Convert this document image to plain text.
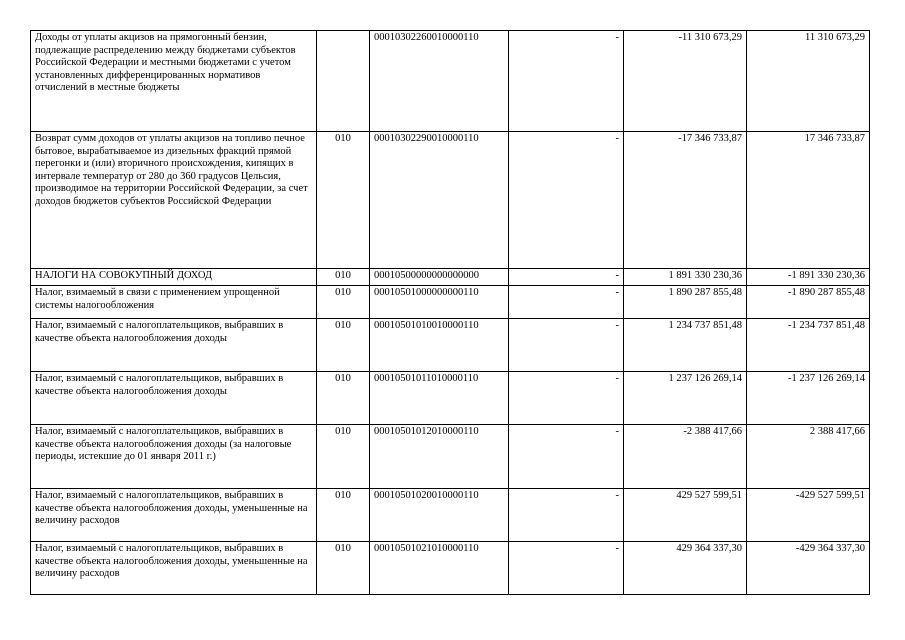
Доходы от уплаты акцизов на прямогонный бензин, подлежащие распределению между бюджетами субъектов Российской Федерации и местными бюджетами с учетом установленных дифференцированных нормативов отчислений в местные бюджеты		00010302260010000110	-	-11 310 673,29	11 310 673,29
Возврат сумм доходов от уплаты акцизов на топливо печное бытовое, вырабатываемое из дизельных фракций прямой перегонки и (или) вторичного происхождения, кипящих в интервале температур от 280 до 360 градусов Цельсия, производимое на территории Российской Федерации, за счет доходов бюджетов субъектов Российской Федерации	010	00010302290010000110	-	-17 346 733,87	17 346 733,87
НАЛОГИ НА СОВОКУПНЫЙ ДОХОД	010	00010500000000000000	-	1 891 330 230,36	-1 891 330 230,36
Налог, взимаемый в связи с применением упрощенной системы налогообложения	010	00010501000000000110	-	1 890 287 855,48	-1 890 287 855,48
Налог, взимаемый с налогоплательщиков, выбравших в качестве объекта налогообложения доходы	010	00010501010010000110	-	1 234 737 851,48	-1 234 737 851,48
Налог, взимаемый с налогоплательщиков, выбравших в качестве объекта налогообложения доходы	010	00010501011010000110	-	1 237 126 269,14	-1 237 126 269,14
Налог, взимаемый с налогоплательщиков, выбравших в качестве объекта налогообложения доходы (за налоговые периоды, истекшие до 01 января 2011 г.)	010	00010501012010000110	-	-2 388 417,66	2 388 417,66
Налог, взимаемый с налогоплательщиков, выбравших в качестве объекта налогообложения доходы, уменьшенные на величину расходов	010	00010501020010000110	-	429 527 599,51	-429 527 599,51
Налог, взимаемый с налогоплательщиков, выбравших в качестве объекта налогообложения доходы, уменьшенные на величину расходов	010	00010501021010000110	-	429 364 337,30	-429 364 337,30
